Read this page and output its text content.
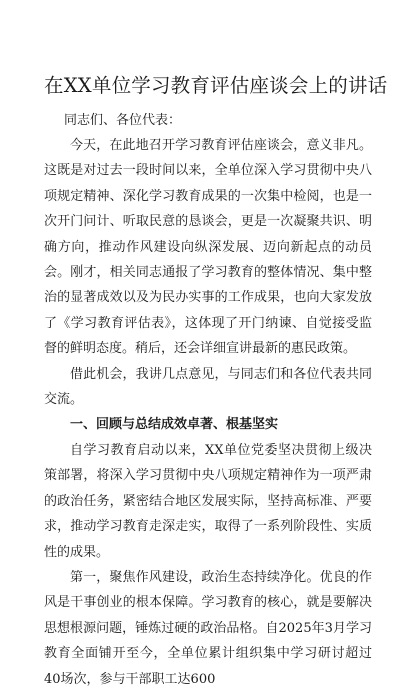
在XX单位学习教育评估座谈会上的讲话

同志们、各位代表：

今天，在此地召开学习教育评估座谈会，意义非凡。这既是对过去一段时间以来，全单位深入学习贯彻中央八项规定精神、深化学习教育成果的一次集中检阅，也是一次开门问计、听取民意的恳谈会，更是一次凝聚共识、明确方向，推动作风建设向纵深发展、迈向新起点的动员会。刚才，相关同志通报了学习教育的整体情况、集中整治的显著成效以及为民办实事的工作成果，也向大家发放了《学习教育评估表》，这体现了开门纳谏、自觉接受监督的鲜明态度。稍后，还会详细宣讲最新的惠民政策。

借此机会，我讲几点意见，与同志们和各位代表共同交流。

一、回顾与总结成效卓著、根基坚实

自学习教育启动以来，XX单位党委坚决贯彻上级决策部署，将深入学习贯彻中央八项规定精神作为一项严肃的政治任务，紧密结合地区发展实际，坚持高标准、严要求，推动学习教育走深走实，取得了一系列阶段性、实质性的成果。

第一，聚焦作风建设，政治生态持续净化。优良的作风是干事创业的根本保障。学习教育的核心，就是要解决思想根源问题，锤炼过硬的政治品格。自2025年3月学习教育全面铺开至今，全单位累计组织集中学习研讨超过40场次，参与干部职工达600
